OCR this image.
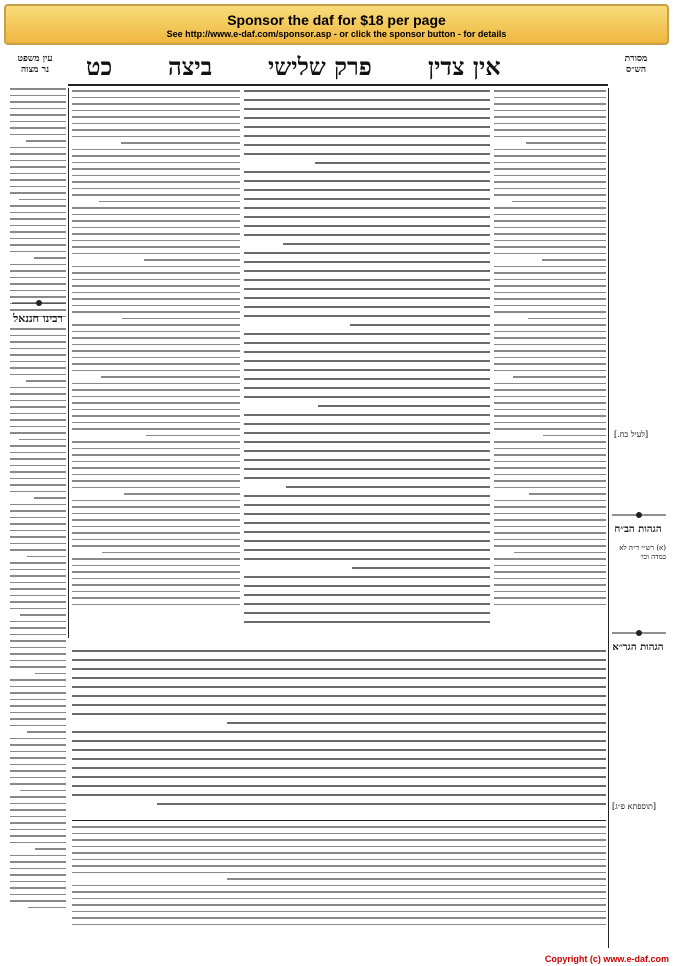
Sponsor the daf for $18 per page
See http://www.e-daf.com/sponsor.asp - or click the sponsor button - for details
עין משפט
נר מצוה	כט ביצה פרק שלישי אין צדין	מסורת
הש״ס
רבינו חננאל
[לעיל כח.]
הגהות הב״ח
(א) רש״י ד״ה לא במדה וכו׳
הגהות הגר״א
[תוספתא פ״ג]
Copyright (c) www.e-daf.com
